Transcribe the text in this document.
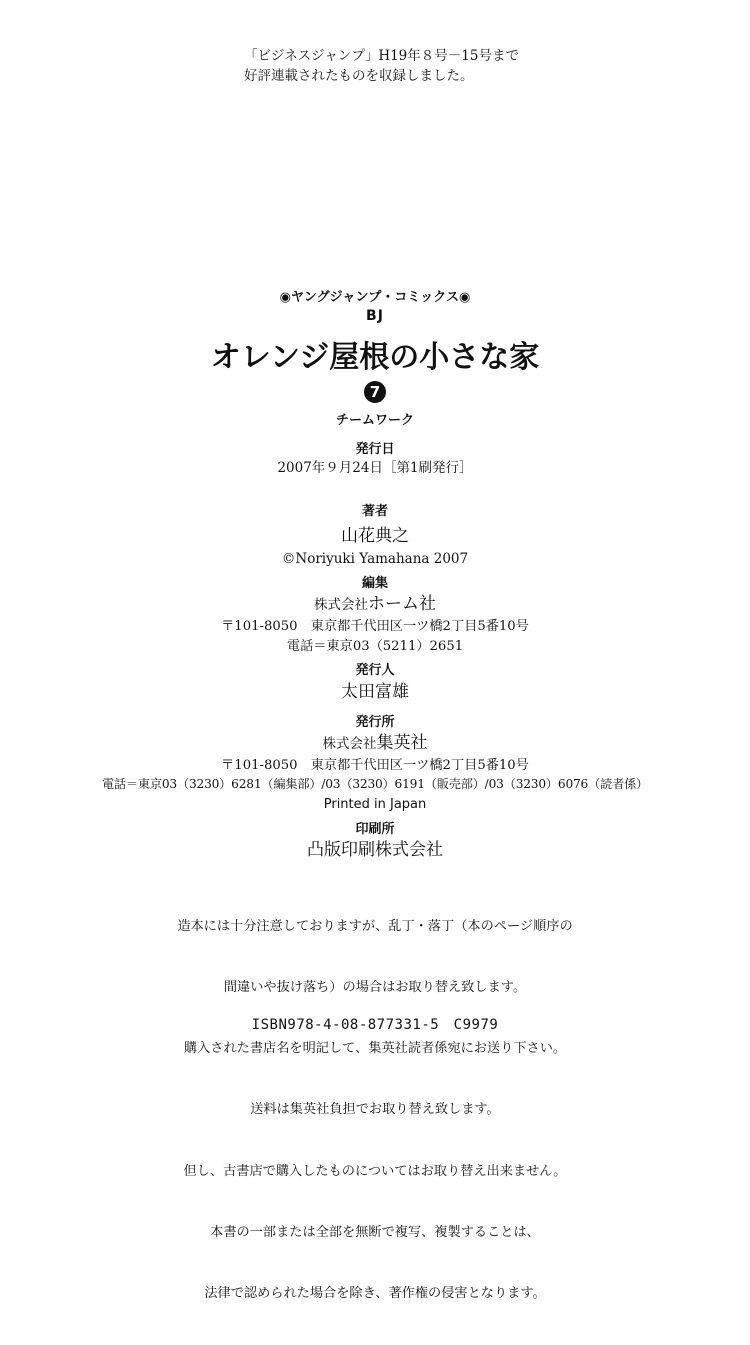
「ビジネスジャンプ」H19年８号－15号まで
好評連載されたものを収録しました。
◉ヤングジャンプ・コミックス◉
BJ
オレンジ屋根の小さな家
7
チームワーク
発行日
2007年９月24日［第1刷発行］
著者
山花典之
©Noriyuki Yamahana 2007
編集
株式会社ホーム社
〒101-8050　東京都千代田区一ツ橋2丁目5番10号
電話＝東京03（5211）2651
発行人
太田富雄
発行所
株式会社集英社
〒101-8050　東京都千代田区一ツ橋2丁目5番10号
電話＝東京03（3230）6281（編集部）/03（3230）6191（販売部）/03（3230）6076（読者係）
Printed in Japan
印刷所
凸版印刷株式会社

造本には十分注意しておりますが、乱丁・落丁（本のページ順序の

間違いや抜け落ち）の場合はお取り替え致します。

購入された書店名を明記して、集英社読者係宛にお送り下さい。

送料は集英社負担でお取り替え致します。

但し、古書店で購入したものについてはお取り替え出来ません。

本書の一部または全部を無断で複写、複製することは、

法律で認められた場合を除き、著作権の侵害となります。

ISBN978-4-08-877331-5　C9979
